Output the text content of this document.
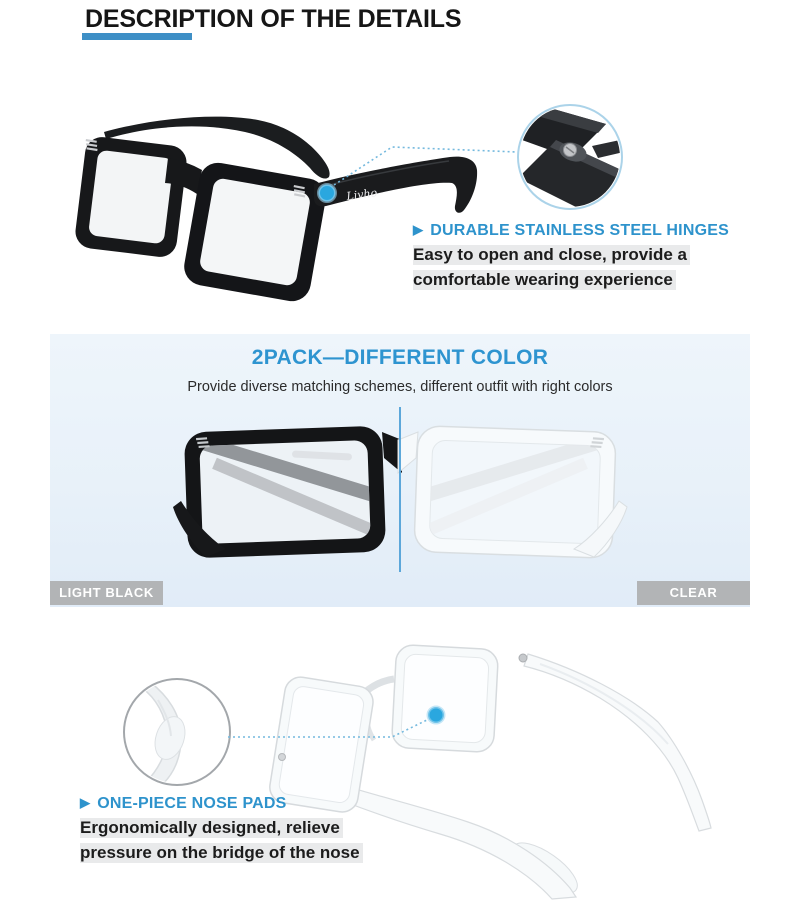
DESCRIPTION OF THE DETAILS
Livho
2PACK—DIFFERENT COLOR
Provide diverse matching schemes, different outfit with right colors
LIGHT BLACK	CLEAR
▶ DURABLE STAINLESS STEEL HINGES
Easy to open and close, provide a
comfortable wearing experience
▶ ONE-PIECE NOSE PADS
Ergonomically designed, relieve
pressure on the bridge of the nose
